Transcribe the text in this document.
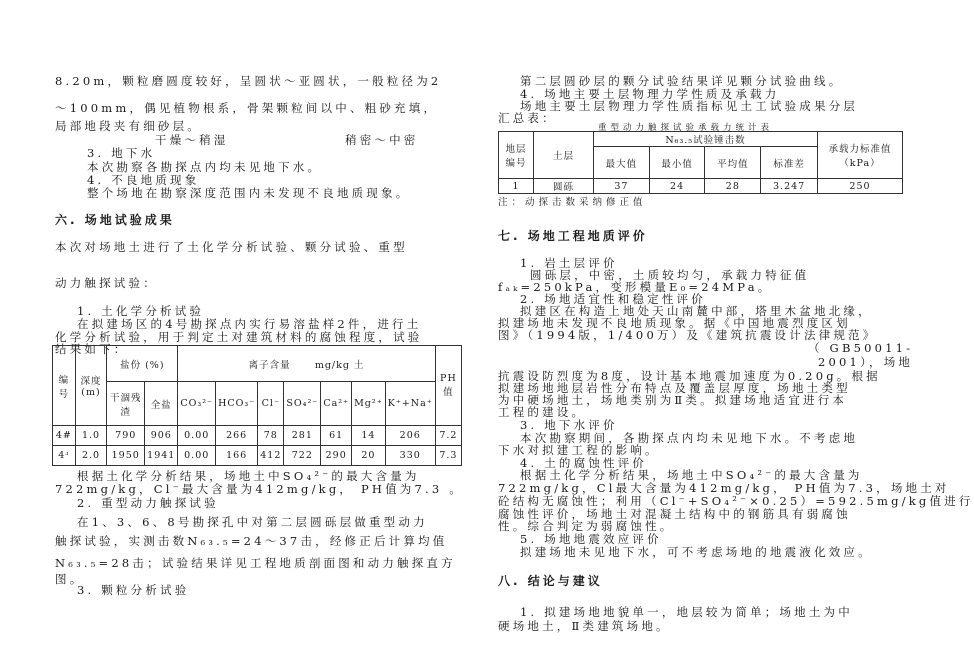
8.20m，颗粒磨圆度较好，呈圆状～亚圆状，一般粒径为2
～100mm，偶见植物根系，骨架颗粒间以中、粗砂充填，
局部地段夹有细砂层。
干燥～稍湿	稍密～中密
3. 地下水
本次勘察各勘探点内均未见地下水。
4. 不良地质现象
整个场地在勘察深度范围内未发现不良地质现象。
六. 场地试验成果
本次对场地土进行了土化学分析试验、颗分试验、重型
动力触探试验：
1. 土化学分析试验
在拟建场区的4号勘探点内实行易溶盐样2件，进行土
化学分析试验，用于判定土对建筑材料的腐蚀程度，试验
结果如下：
编号	深度(m)	盐份 (%)		离子含量 mg/kg 土							PH值
		干涸残渣	全盐	CO₃²⁻	HCO₃⁻	Cl⁻	SO₄²⁻	Ca²⁺	Mg²⁺	K⁺+Na⁺	
4#	1.0	790	906	0.00	266	78	281	61	14	206	7.2
4ʴ	2.0	1950	1941	0.00	166	412	722	290	20	330	7.3
根据土化学分析结果，场地土中SO₄²⁻的最大含量为
722mg/kg，Cl⁻最大含量为412mg/kg， PH值为7.3 。
2. 重型动力触探试验
在1、3、6、8号勘探孔中对第二层圆砾层做重型动力
触探试验，实测击数N₆₃.₅=24～37击，经修正后计算均值
N₆₃.₅=28击；试验结果详见工程地质剖面图和动力触探直方
图。
3. 颗粒分析试验
第二层圆砂层的颗分试验结果详见颗分试验曲线。
4. 场地主要土层物理力学性质及承载力
场地主要土层物理力学性质指标见土工试验成果分层
汇总表：
重型动力触探试验承载力统计表
地层编号	土层	N₆₃.₅试验锤击数				承载力标准值（kPa）
		最大值	最小值	平均值	标准差	
1	圆砾	37	24	28	3.247	250
注：动探击数采纳修正值
七. 场地工程地质评价
1. 岩土层评价
圆砾层，中密，土质较均匀，承载力特征值
fₐₖ=250kPa，变形模量E₀=24MPa。
2. 场地适宜性和稳定性评价
拟建区在构造上地处天山南麓中部，塔里木盆地北缘，
拟建场地未发现不良地质现象。据《中国地震烈度区划
图》（1994版，1/400万）及《建筑抗震设计法律规范》
（ GB50011-
2001），场地
抗震设防烈度为8度，设计基本地震加速度为0.20g。根据
拟建场地地层岩性分布特点及覆盖层厚度，场地土类型
为中硬场地土，场地类别为Ⅱ类。拟建场地适宜进行本
工程的建设。
3. 地下水评价
本次勘察期间，各勘探点内均未见地下水。不考虑地
下水对拟建工程的影响。
4. 土的腐蚀性评价
根据土化学分析结果，场地土中SO₄²⁻的最大含量为
722mg/kg，Cl最大含量为412mg/kg， PH值为7.3，场地土对
砼结构无腐蚀性；利用（Cl⁻+SO₄²⁻×0.25）=592.5mg/kg值进行
腐蚀性评价，场地土对混凝土结构中的钢筋具有弱腐蚀
性。综合判定为弱腐蚀性。
5. 场地地震效应评价
拟建场地未见地下水，可不考虑场地的地震液化效应。
八. 结论与建议
1. 拟建场地地貌单一，地层较为简单；场地土为中
硬场地土，Ⅱ类建筑场地。
